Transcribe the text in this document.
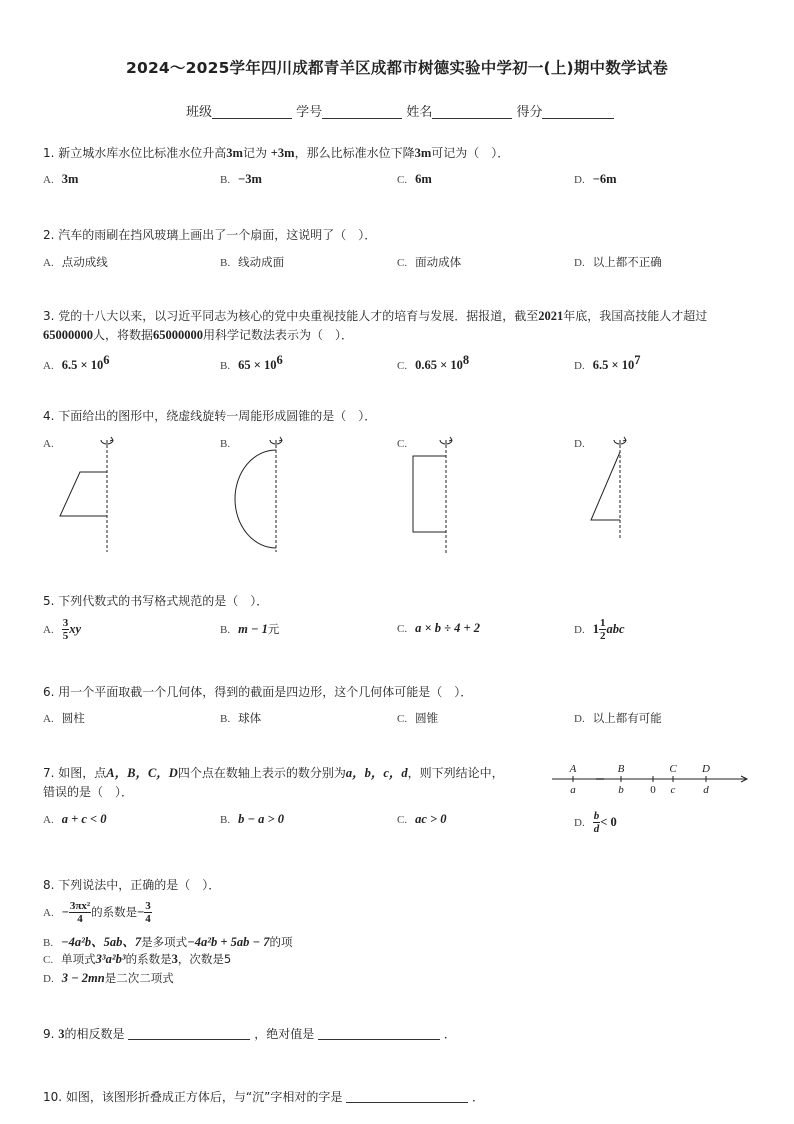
2024～2025学年四川成都青羊区成都市树德实验中学初一(上)期中数学试卷
班级	学号	姓名	得分
1. 新立城水库水位比标准水位升高3m记为 +3m，那么比标准水位下降3m可记为（　）．
A. 3m	B. −3m	C. 6m	D. −6m
2. 汽车的雨刷在挡风玻璃上画出了一个扇面，这说明了（　）．
A. 点动成线	B. 线动成面	C. 面动成体	D. 以上都不正确
3. 党的十八大以来，以习近平同志为核心的党中央重视技能人才的培育与发展．据报道，截至2021年底，我国高技能人才超过
65000000人，将数据65000000用科学记数法表示为（　）．
A. $6.5 \times 10^6$	B. $65 \times 10^6$	C. $0.65 \times 10^8$	D. $6.5 \times 10^7$
4. 下面给出的图形中，绕虚线旋转一周能形成圆锥的是（　）．
A.	B.	C.	D.
5. 下列代数式的书写格式规范的是（　）．
A. $\frac{3}{5}$ xy	B. m − 1元	C. a × b ÷ 4 + 2	D. $1 \frac{1}{2}$ abc
6. 用一个平面取截一个几何体，得到的截面是四边形，这个几何体可能是（　）．
A. 圆柱	B. 球体	C. 圆锥	D. 以上都有可能
7. 如图，点A，B，C，D四个点在数轴上表示的数分别为a，b，c，d，则下列结论中，
错误的是（　）．
A	B	C D
a	b 0 c	d
A. a + c < 0	B. b − a > 0	C. ac > 0	D. $\frac{b}{d} < 0$
8. 下列说法中，正确的是（　）．
A. − $\frac{\text{3πx²}}{4}$ 的系数是− $\frac{3}{4}$
B. −4a²b、5ab、7是多项式−4a²b + 5ab − 7的项
C. 单项式3³a²b³的系数是3，次数是5
D. 3 − 2mn是二次二项式
9. 3的相反数是	，绝对值是	．
10. 如图，该图形折叠成正方体后，与“沉”字相对的字是	．
